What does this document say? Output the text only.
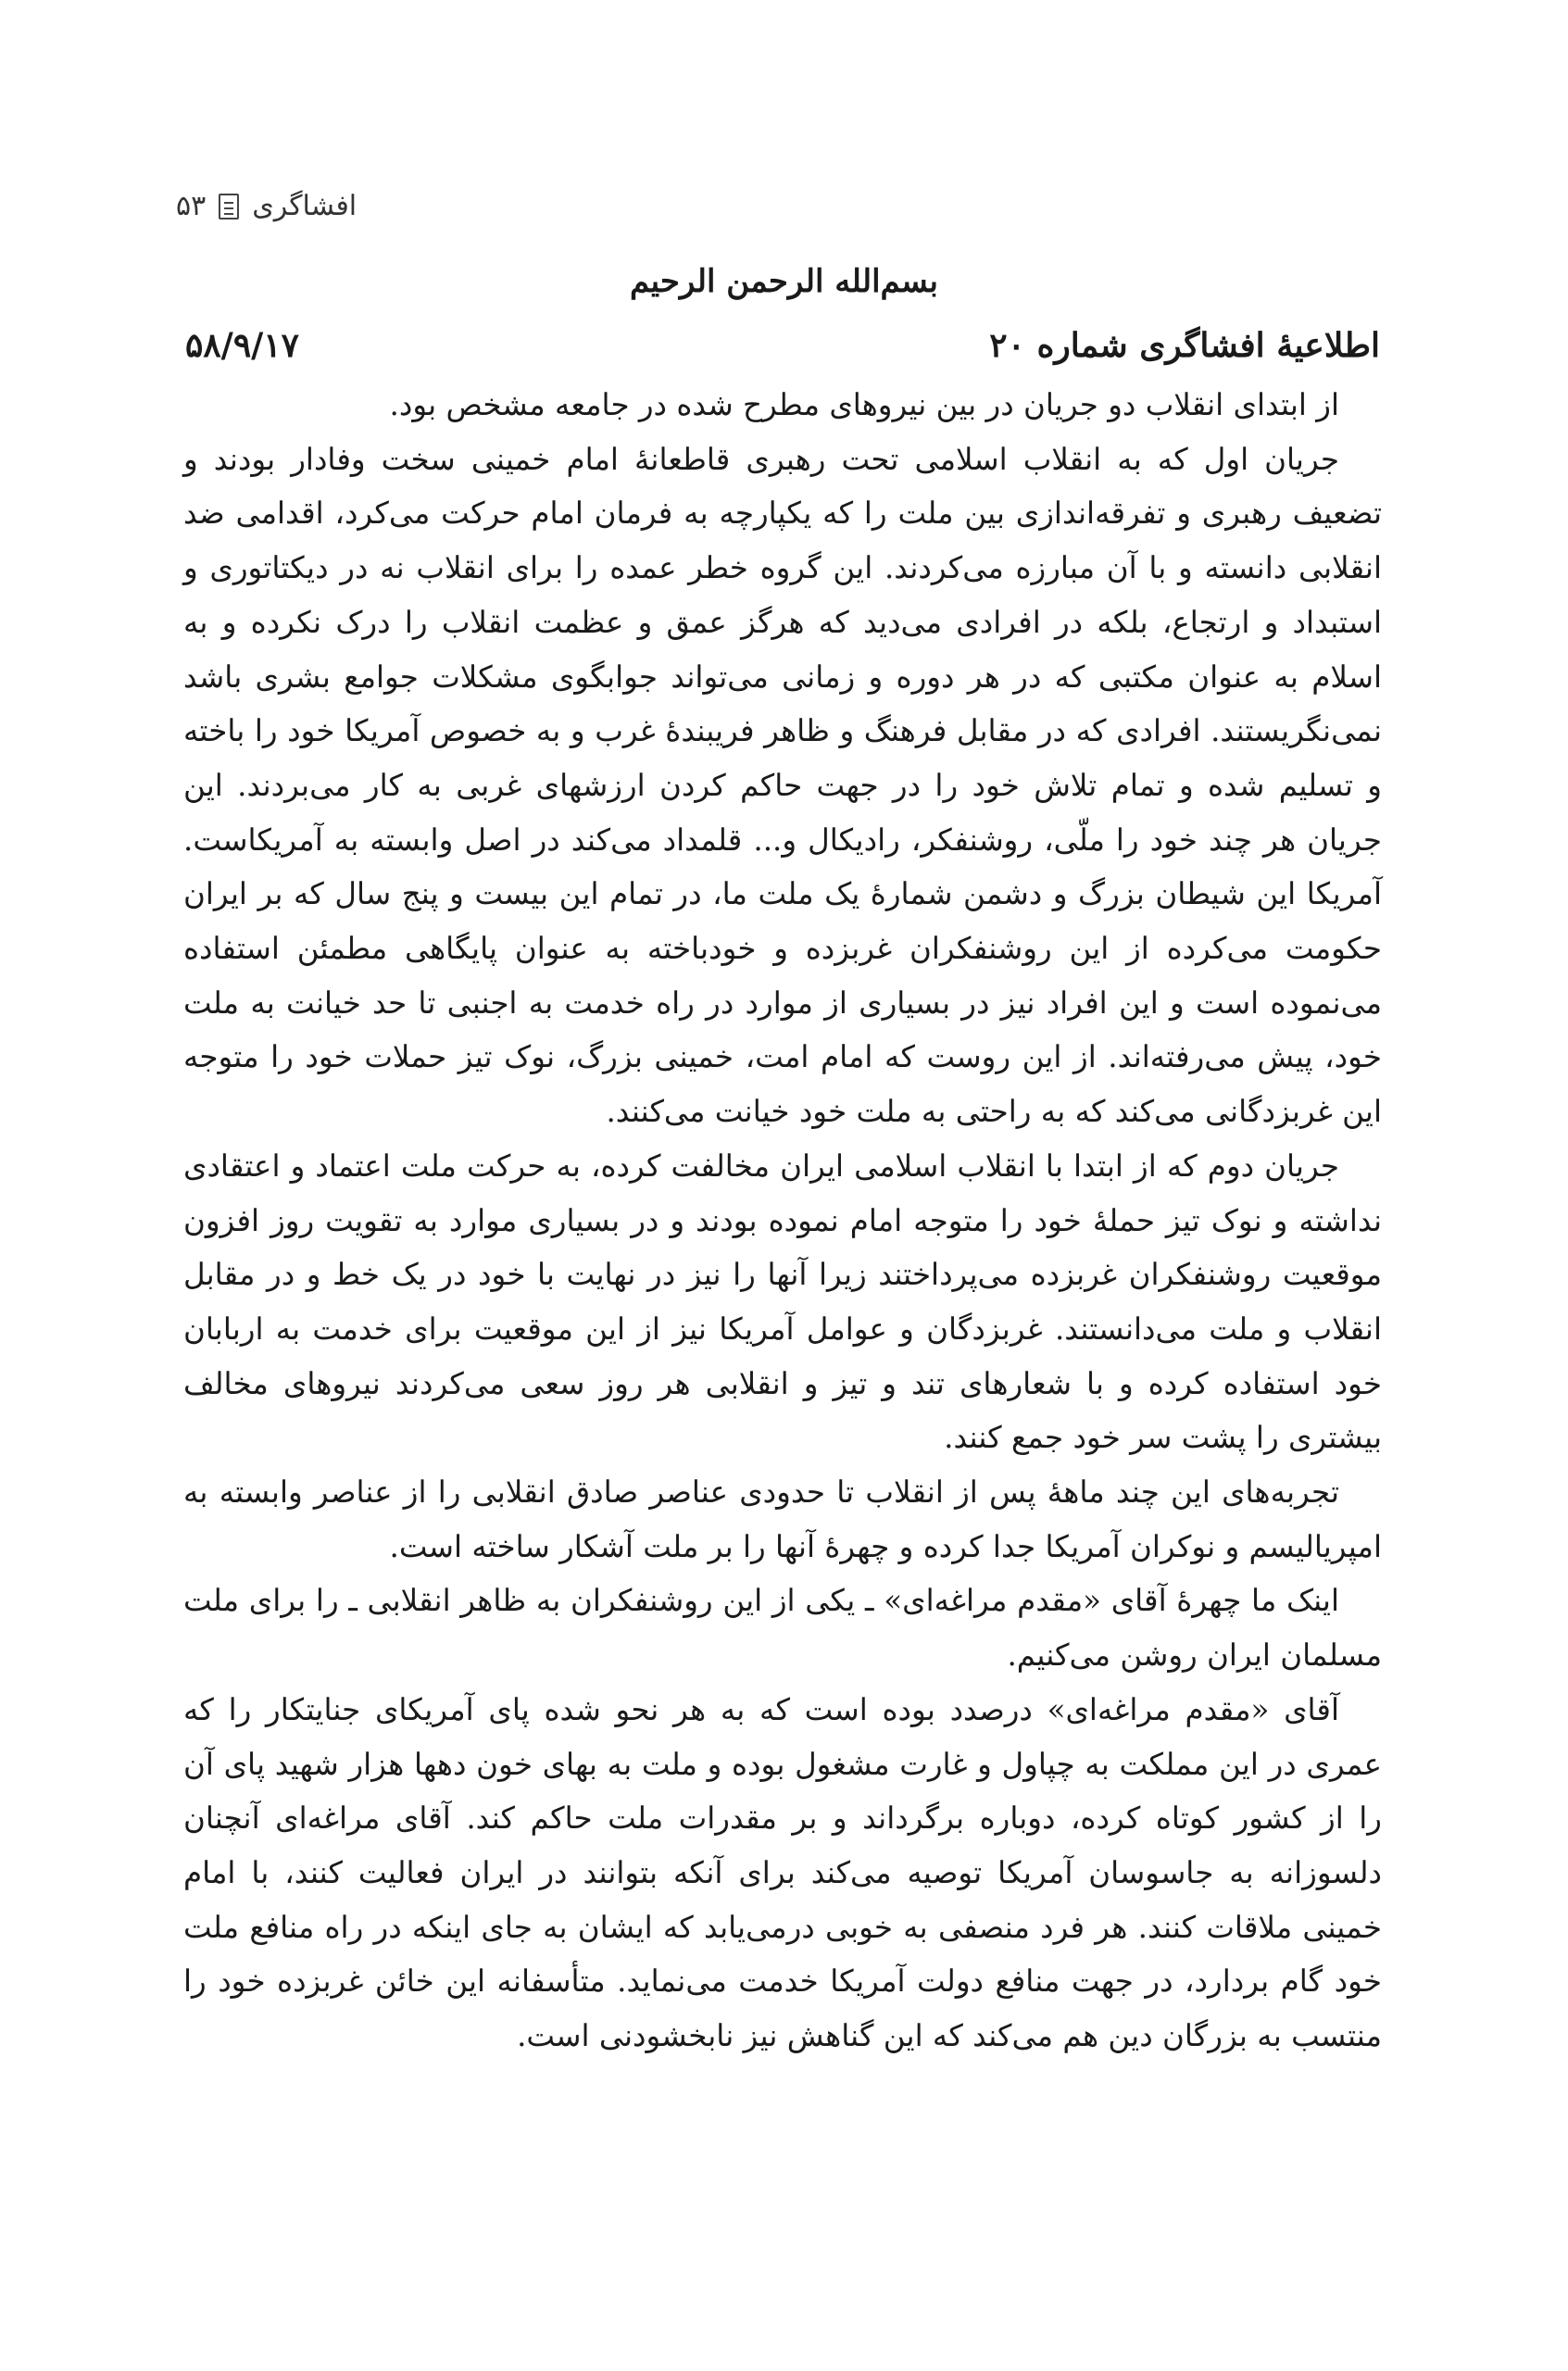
افشاگری
۵۳
بسم‌الله الرحمن الرحیم
۵۸/۹/۱۷	اطلاعیهٔ افشاگری شماره ۲۰

از ابتدای انقلاب دو جریان در بین نیروهای مطرح شده در جامعه مشخص بود.

جریان اول که به انقلاب اسلامی تحت رهبری قاطعانهٔ امام خمینی سخت وفادار بودند و تضعیف رهبری و تفرقه‌اندازی بین ملت را که یکپارچه به فرمان امام حرکت می‌کرد، اقدامی ضد انقلابی دانسته و با آن مبارزه می‌کردند. این گروه خطر عمده را برای انقلاب نه در دیکتاتوری و استبداد و ارتجاع، بلکه در افرادی می‌دید که هرگز عمق و عظمت انقلاب را درک نکرده و به اسلام به عنوان مکتبی که در هر دوره و زمانی می‌تواند جوابگوی مشکلات جوامع بشری باشد نمی‌نگریستند. افرادی که در مقابل فرهنگ و ظاهر فریبندهٔ غرب و به خصوص آمریکا خود را باخته و تسلیم شده و تمام تلاش خود را در جهت حاکم کردن ارزشهای غربی به کار می‌بردند. این جریان هر چند خود را ملّی، روشنفکر، رادیکال و... قلمداد می‌کند در اصل وابسته به آمریکاست. آمریکا این شیطان بزرگ و دشمن شمارهٔ یک ملت ما، در تمام این بیست و پنج سال که بر ایران حکومت می‌کرده از این روشنفکران غربزده و خودباخته به عنوان پایگاهی مطمئن استفاده می‌نموده است و این افراد نیز در بسیاری از موارد در راه خدمت به اجنبی تا حد خیانت به ملت خود، پیش می‌رفته‌اند. از این روست که امام امت، خمینی بزرگ، نوک تیز حملات خود را متوجه این غربزدگانی می‌کند که به راحتی به ملت خود خیانت می‌کنند.

جریان دوم که از ابتدا با انقلاب اسلامی ایران مخالفت کرده، به حرکت ملت اعتماد و اعتقادی نداشته و نوک تیز حملهٔ خود را متوجه امام نموده بودند و در بسیاری موارد به تقویت روز افزون موقعیت روشنفکران غربزده می‌پرداختند زیرا آنها را نیز در نهایت با خود در یک خط و در مقابل انقلاب و ملت می‌دانستند. غربزدگان و عوامل آمریکا نیز از این موقعیت برای خدمت به اربابان خود استفاده کرده و با شعارهای تند و تیز و انقلابی هر روز سعی می‌کردند نیروهای مخالف بیشتری را پشت سر خود جمع کنند.

تجربه‌های این چند ماههٔ پس از انقلاب تا حدودی عناصر صادق انقلابی را از عناصر وابسته به امپریالیسم و نوکران آمریکا جدا کرده و چهرهٔ آنها را بر ملت آشکار ساخته است.

اینک ما چهرهٔ آقای «مقدم مراغه‌ای» ـ یکی از این روشنفکران به ظاهر انقلابی ـ را برای ملت مسلمان ایران روشن می‌کنیم.

آقای «مقدم مراغه‌ای» درصدد بوده است که به هر نحو شده پای آمریکای جنایتکار را که عمری در این مملکت به چپاول و غارت مشغول بوده و ملت به بهای خون دهها هزار شهید پای آن را از کشور کوتاه کرده، دوباره برگرداند و بر مقدرات ملت حاکم کند. آقای مراغه‌ای آنچنان دلسوزانه به جاسوسان آمریکا توصیه می‌کند برای آنکه بتوانند در ایران فعالیت کنند، با امام خمینی ملاقات کنند. هر فرد منصفی به خوبی درمی‌یابد که ایشان به جای اینکه در راه منافع ملت خود گام بردارد، در جهت منافع دولت آمریکا خدمت می‌نماید. متأسفانه این خائن غربزده خود را منتسب به بزرگان دین هم می‌کند که این گناهش نیز نابخشودنی است.
